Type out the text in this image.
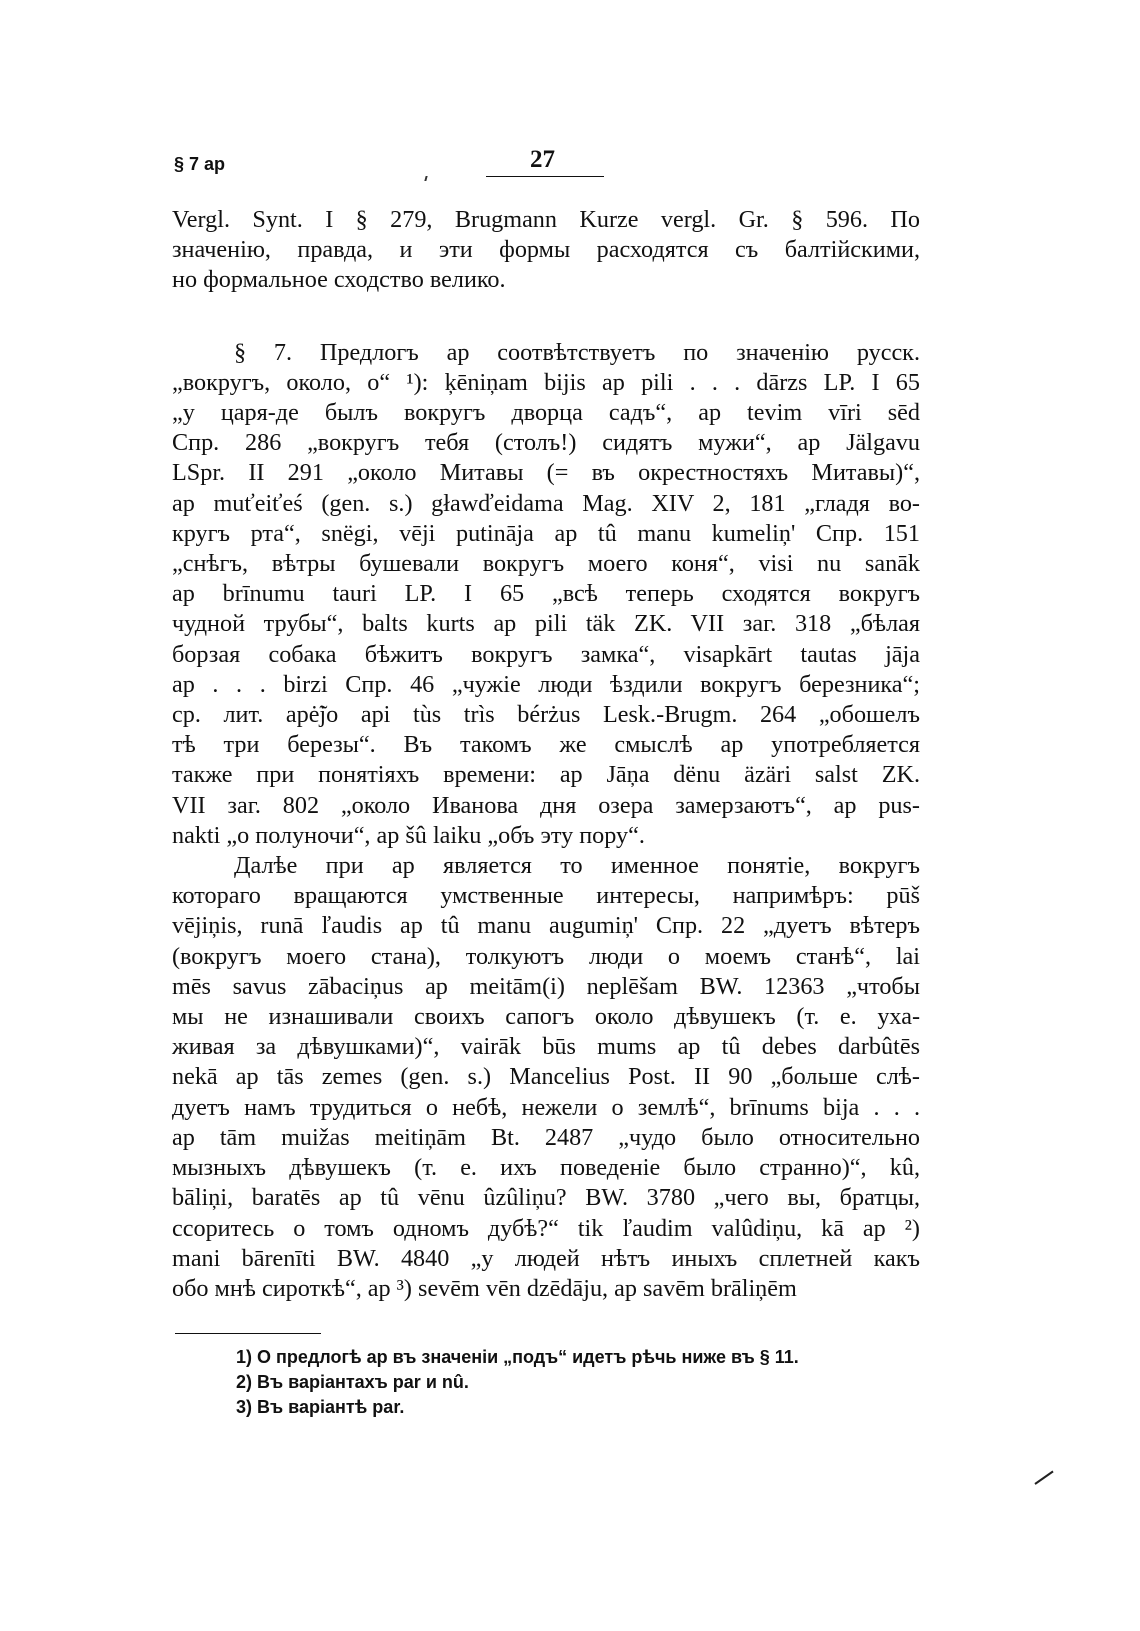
§ 7 ap	27
Vergl. Synt. I § 279, Brugmann Kurze vergl. Gr. § 596. По
значенію, правда, и эти формы расходятся съ балтійскими,
но формальное сходство велико.
§ 7. Предлогъ ap соотвѣтствуетъ по значенію русск.
„вокругъ, около, о“ ¹): ķēniņam bijis ap pili . . . dārzs LP. I 65
„у царя-де былъ вокругъ дворца садъ“, ap tevim vīri sēd
Спр. 286 „вокругъ тебя (столъ!) сидятъ мужи“, ap Jälgavu
LSpr. II 291 „около Митавы (= въ окрестностяхъ Митавы)“,
ap muťeiťeś (gen. s.) gławďeidama Mag. XIV 2, 181 „гладя во-
кругъ рта“, snëgi, vēji putināja ap tû manu kumeliņ' Спр. 151
„снѣгъ, вѣтры бушевали вокругъ моего коня“, visi nu sanāk
ap brīnumu tauri LP. I 65 „всѣ теперь сходятся вокругъ
чудной трубы“, balts kurts ap pili täk ZK. VII заг. 318 „бѣлая
борзая собака бѣжитъ вокругъ замка“, visapkārt tautas jāja
ap . . . birzi Спр. 46 „чужіе люди ѣздили вокругъ березника“;
ср. лит. apė̃jo api tùs trìs bérżus Lesk.-Brugm. 264 „обошелъ
тѣ три березы“. Въ такомъ же смыслѣ ap употребляется
также при понятіяхъ времени: ap Jāņa dënu äzäri salst ZK.
VII заг. 802 „около Иванова дня озера замерзаютъ“, ap pus-
nakti „о полуночи“, ap šû laiku „объ эту пору“.
Далѣе при ap является то именное понятіе, вокругъ
котораго вращаются умственные интересы, напримѣръ: pūš
vējiņis, runā ľaudis ap tû manu augumiņ' Спр. 22 „дуетъ вѣтеръ
(вокругъ моего стана), толкуютъ люди о моемъ станѣ“, lai
mēs savus zābaciņus ap meitām(i) neplēšam BW. 12363 „чтобы
мы не изнашивали своихъ сапогъ около дѣвушекъ (т. е. уха-
живая за дѣвушками)“, vairāk būs mums ap tû debes darbûtēs
nekā ap tās zemes (gen. s.) Mancelius Post. II 90 „больше слѣ-
дуетъ намъ трудиться о небѣ, нежели о землѣ“, brīnums bija . . .
ap tām muižas meitiņām Bt. 2487 „чудо было относительно
мызныхъ дѣвушекъ (т. е. ихъ поведеніе было странно)“, kû,
bāliņi, baratēs ap tû vēnu ûzûliņu? BW. 3780 „чего вы, братцы,
ссоритесь о томъ одномъ дубѣ?“ tik ľaudim valûdiņu, kā ap ²)
mani bārenīti BW. 4840 „у людей нѣтъ иныхъ сплетней какъ
обо мнѣ сироткѣ“, ap ³) sevēm vēn dzēdāju, ap savēm brāliņēm
1) О предлогѣ ap въ значеніи „подъ“ идетъ рѣчь ниже въ § 11.
2) Въ варіантахъ par и nû.
3) Въ варіантѣ par.
